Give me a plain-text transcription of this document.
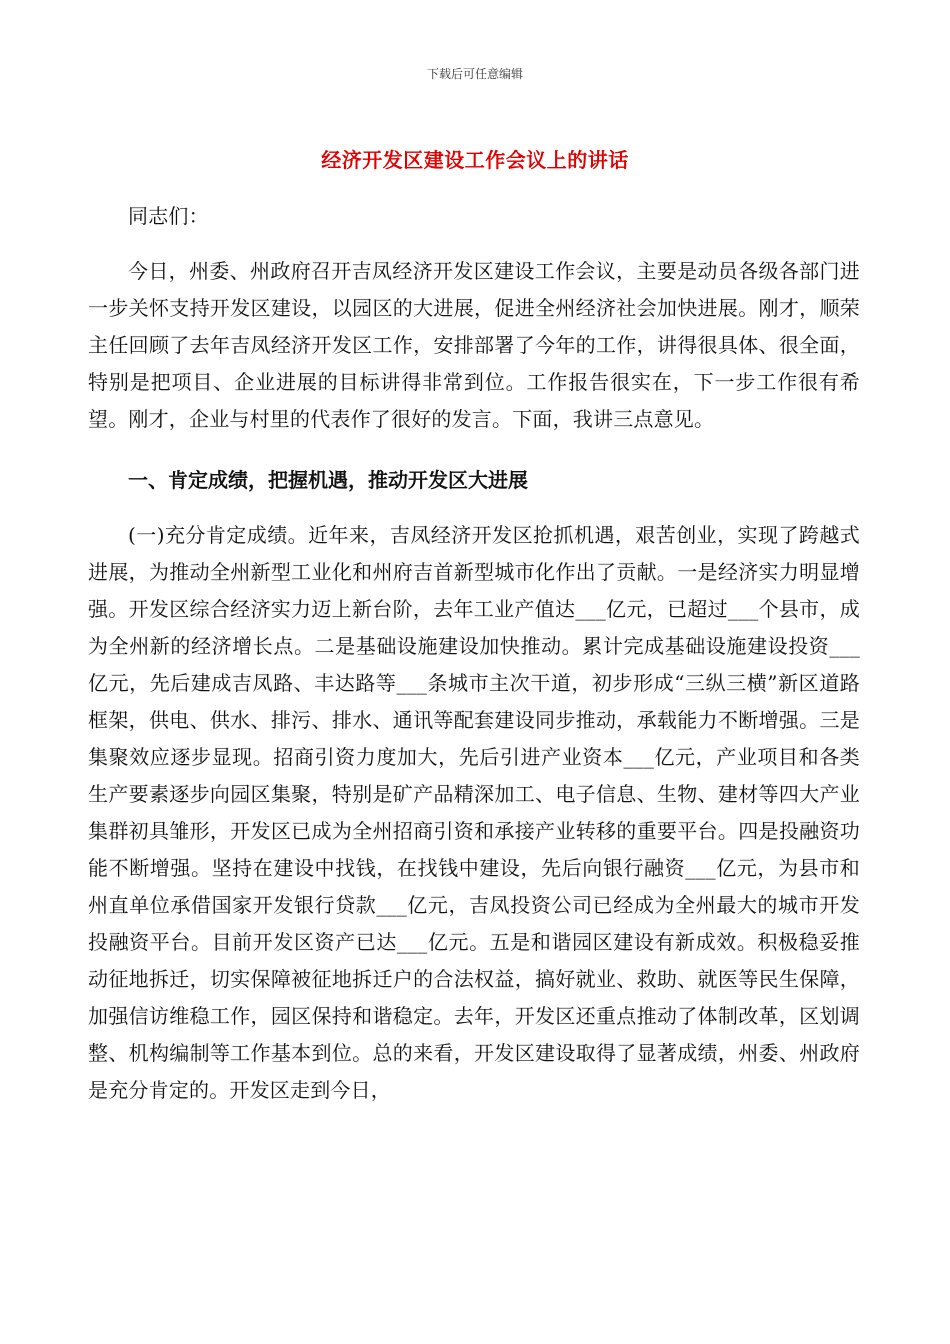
下载后可任意编辑
经济开发区建设工作会议上的讲话

同志们：

今日，州委、州政府召开吉凤经济开发区建设工作会议，主要是动员各级各部门进一步关怀支持开发区建设，以园区的大进展，促进全州经济社会加快进展。刚才，顺荣主任回顾了去年吉凤经济开发区工作，安排部署了今年的工作，讲得很具体、很全面，特别是把项目、企业进展的目标讲得非常到位。工作报告很实在，下一步工作很有希望。刚才，企业与村里的代表作了很好的发言。下面，我讲三点意见。

一、肯定成绩，把握机遇，推动开发区大进展

(一)充分肯定成绩。近年来，吉凤经济开发区抢抓机遇，艰苦创业，实现了跨越式进展，为推动全州新型工业化和州府吉首新型城市化作出了贡献。一是经济实力明显增强。开发区综合经济实力迈上新台阶，去年工业产值达___亿元，已超过___个县市，成为全州新的经济增长点。二是基础设施建设加快推动。累计完成基础设施建设投资___亿元，先后建成吉凤路、丰达路等___条城市主次干道，初步形成“三纵三横”新区道路框架，供电、供水、排污、排水、通讯等配套建设同步推动，承载能力不断增强。三是集聚效应逐步显现。招商引资力度加大，先后引进产业资本___亿元，产业项目和各类生产要素逐步向园区集聚，特别是矿产品精深加工、电子信息、生物、建材等四大产业集群初具雏形，开发区已成为全州招商引资和承接产业转移的重要平台。四是投融资功能不断增强。坚持在建设中找钱，在找钱中建设，先后向银行融资___亿元，为县市和州直单位承借国家开发银行贷款___亿元，吉凤投资公司已经成为全州最大的城市开发投融资平台。目前开发区资产已达___亿元。五是和谐园区建设有新成效。积极稳妥推动征地拆迁，切实保障被征地拆迁户的合法权益，搞好就业、救助、就医等民生保障，加强信访维稳工作，园区保持和谐稳定。去年，开发区还重点推动了体制改革，区划调整、机构编制等工作基本到位。总的来看，开发区建设取得了显著成绩，州委、州政府是充分肯定的。开发区走到今日，
